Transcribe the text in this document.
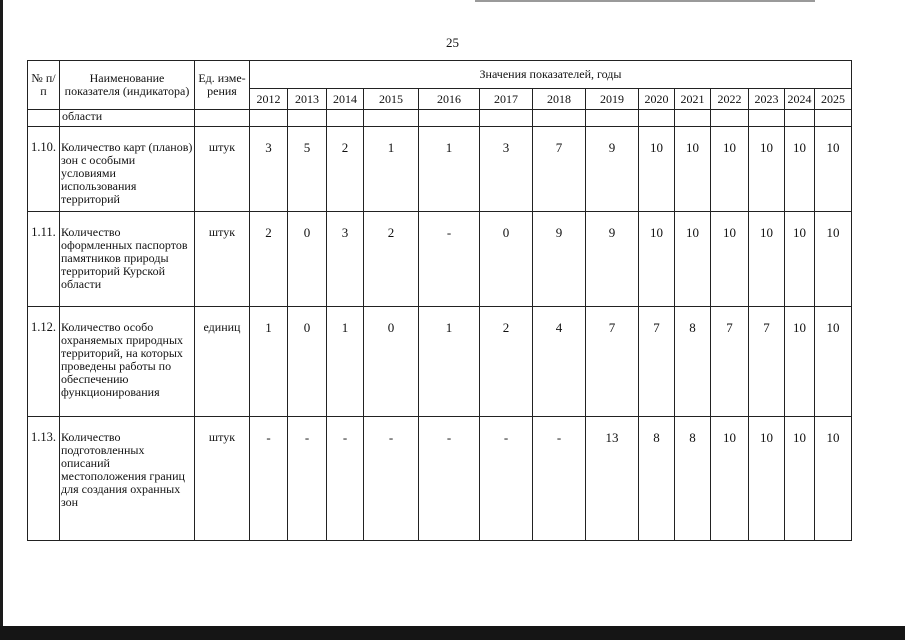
25
№ п/п	Наименование показателя (индикатора)	Ед. изме-рения	Значения показателей, годы													
			2012	2013	2014	2015	2016	2017	2018	2019	2020	2021	2022	2023	2024	2025
	области															
1.10.	Количество карт (планов) зон с особыми условиями использования территорий	штук	3	5	2	1	1	3	7	9	10	10	10	10	10	10
1.11.	Количество оформленных паспортов памятников природы территорий Курской области	штук	2	0	3	2	-	0	9	9	10	10	10	10	10	10
1.12.	Количество особо охраняемых природных территорий, на которых проведены работы по обеспечению функционирования	единиц	1	0	1	0	1	2	4	7	7	8	7	7	10	10
1.13.	Количество подготовленных описаний местоположения границ для создания охранных зон	штук	-	-	-	-	-	-	-	13	8	8	10	10	10	10
